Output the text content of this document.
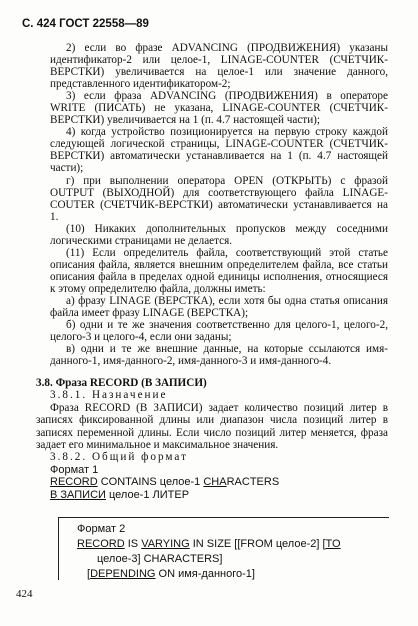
С. 424 ГОСТ 22558—89

2) если во фразе ADVANCING (ПРОДВИЖЕНИЯ) указаны идентификатор-2 или целое-1, LINAGE-COUNTER (СЧЕТЧИК-ВЕРСТКИ) увеличивается на целое-1 или значение данного, представленного идентификатором-2;

3) если фраза ADVANCING (ПРОДВИЖЕНИЯ) в операторе WRITE (ПИСАТЬ) не указана, LINAGE-COUNTER (СЧЕТЧИК-ВЕРСТКИ) увеличивается на 1 (п. 4.7 настоящей части);

4) когда устройство позиционируется на первую строку каждой следующей логической страницы, LINAGE-COUNTER (СЧЕТЧИК-ВЕРСТКИ) автоматически устанавливается на 1 (п. 4.7 настоящей части);

г) при выполнении оператора OPEN (ОТКРЫТЬ) с фразой OUTPUT (ВЫХОДНОЙ) для соответствующего файла LINAGE-COUTER (СЧЕТЧИК-ВЕРСТКИ) автоматически устанавливается на 1.

(10) Никаких дополнительных пропусков между соседними логическими страницами не делается.

(11) Если определитель файла, соответствующий этой статье описания файла, является внешним определителем файла, все статьи описания файла в пределах одной единицы исполнения, относящиеся к этому определителю файла, должны иметь:

а) фразу LINAGE (ВЕРСТКА), если хотя бы одна статья описания файла имеет фразу LINAGE (ВЕРСТКА);

б) одни и те же значения соответственно для целого-1, целого-2, целого-3 и целого-4, если они заданы;

в) одни и те же внешние данные, на которые ссылаются имя-данного-1, имя-данного-2, имя-данного-3 и имя-данного-4.

3.8. Фраза RECORD (В ЗАПИСИ)
3.8.1. Назначение

Фраза RECORD (В ЗАПИСИ) задает количество позиций литер в записях фиксированной длины или диапазон числа позиций литер в записях переменной длины. Если число позиций литер меняется, фраза задает его минимальное и максимальное значения.

3.8.2. Общий формат
Формат 1
RECORD CONTAINS целое-1 CHARACTERS
В ЗАПИСИ целое-1 ЛИТЕР
Формат 2
RECORD IS VARYING IN SIZE [[FROM целое-2] [TO
целое-3] CHARACTERS]
[DEPENDING ON имя-данного-1]
424
